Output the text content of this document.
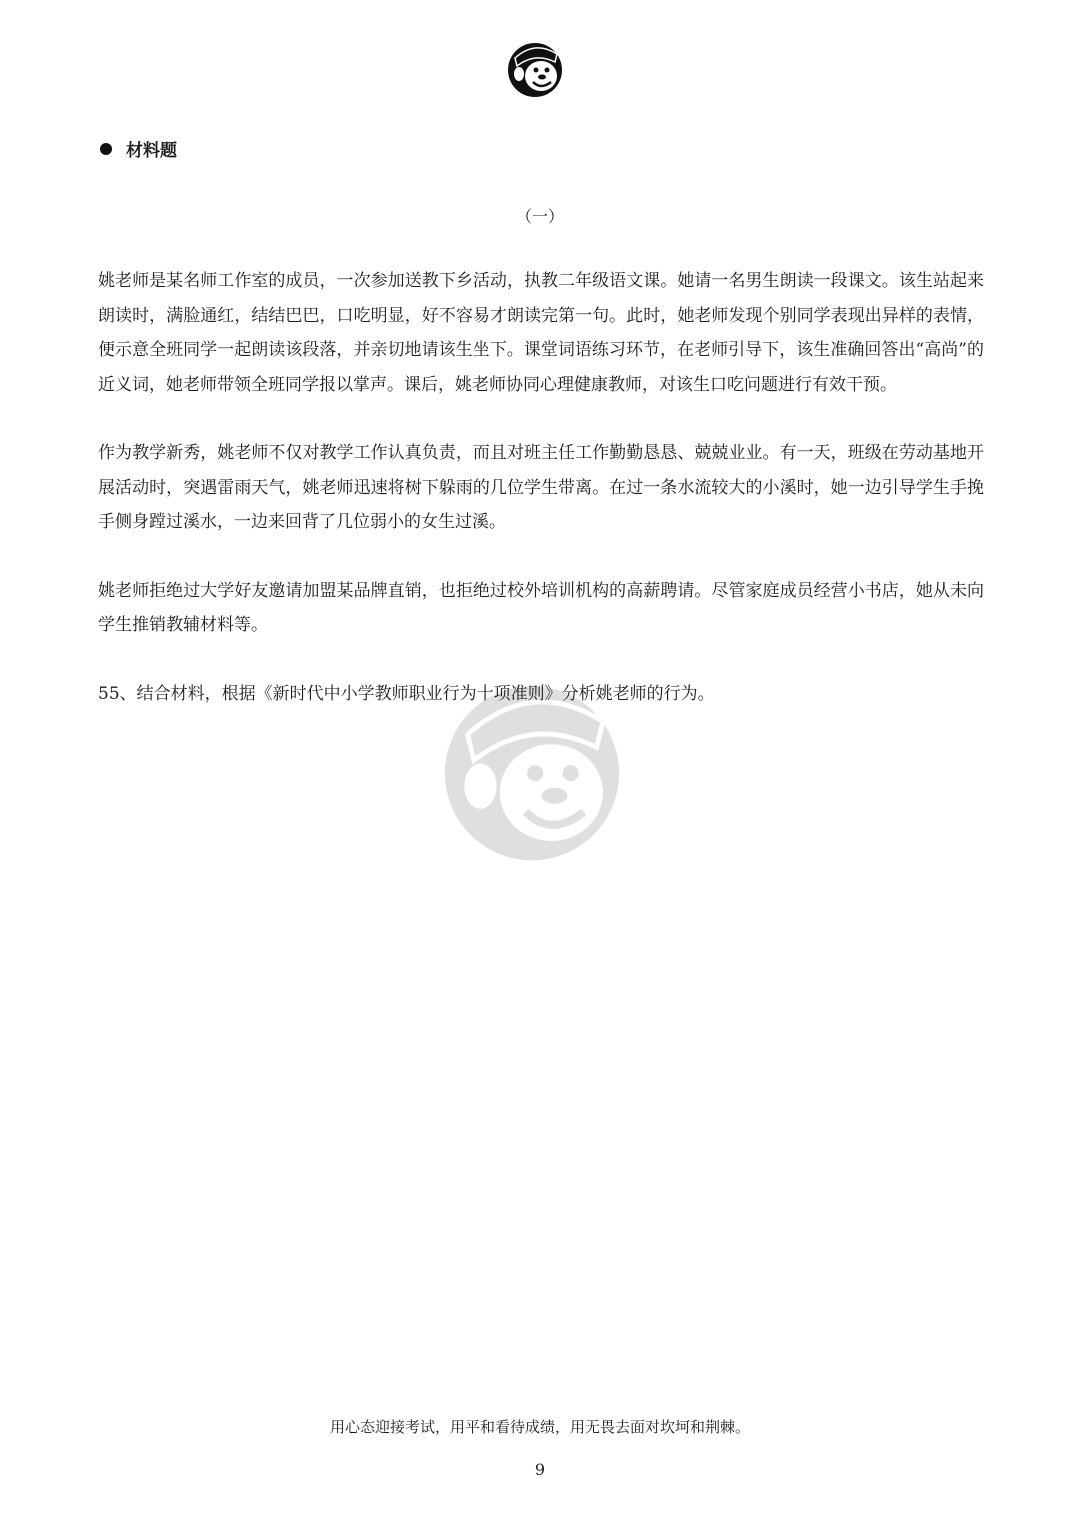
材料题
（一）

姚老师是某名师工作室的成员，一次参加送教下乡活动，执教二年级语文课。她请一名男生朗读一段课文。该生站起来朗读时，满脸通红，结结巴巴，口吃明显，好不容易才朗读完第一句。此时，她老师发现个别同学表现出异样的表情，便示意全班同学一起朗读该段落，并亲切地请该生坐下。课堂词语练习环节，在老师引导下，该生准确回答出“高尚”的近义词，她老师带领全班同学报以掌声。课后，姚老师协同心理健康教师，对该生口吃问题进行有效干预。

作为教学新秀，姚老师不仅对教学工作认真负责，而且对班主任工作勤勤恳恳、兢兢业业。有一天，班级在劳动基地开展活动时，突遇雷雨天气，姚老师迅速将树下躲雨的几位学生带离。在过一条水流较大的小溪时，她一边引导学生手挽手侧身蹚过溪水，一边来回背了几位弱小的女生过溪。

姚老师拒绝过大学好友邀请加盟某品牌直销，也拒绝过校外培训机构的高薪聘请。尽管家庭成员经营小书店，她从未向学生推销教辅材料等。

55、结合材料，根据《新时代中小学教师职业行为十项准则》分析姚老师的行为。

用心态迎接考试，用平和看待成绩，用无畏去面对坎坷和荆棘。
9
